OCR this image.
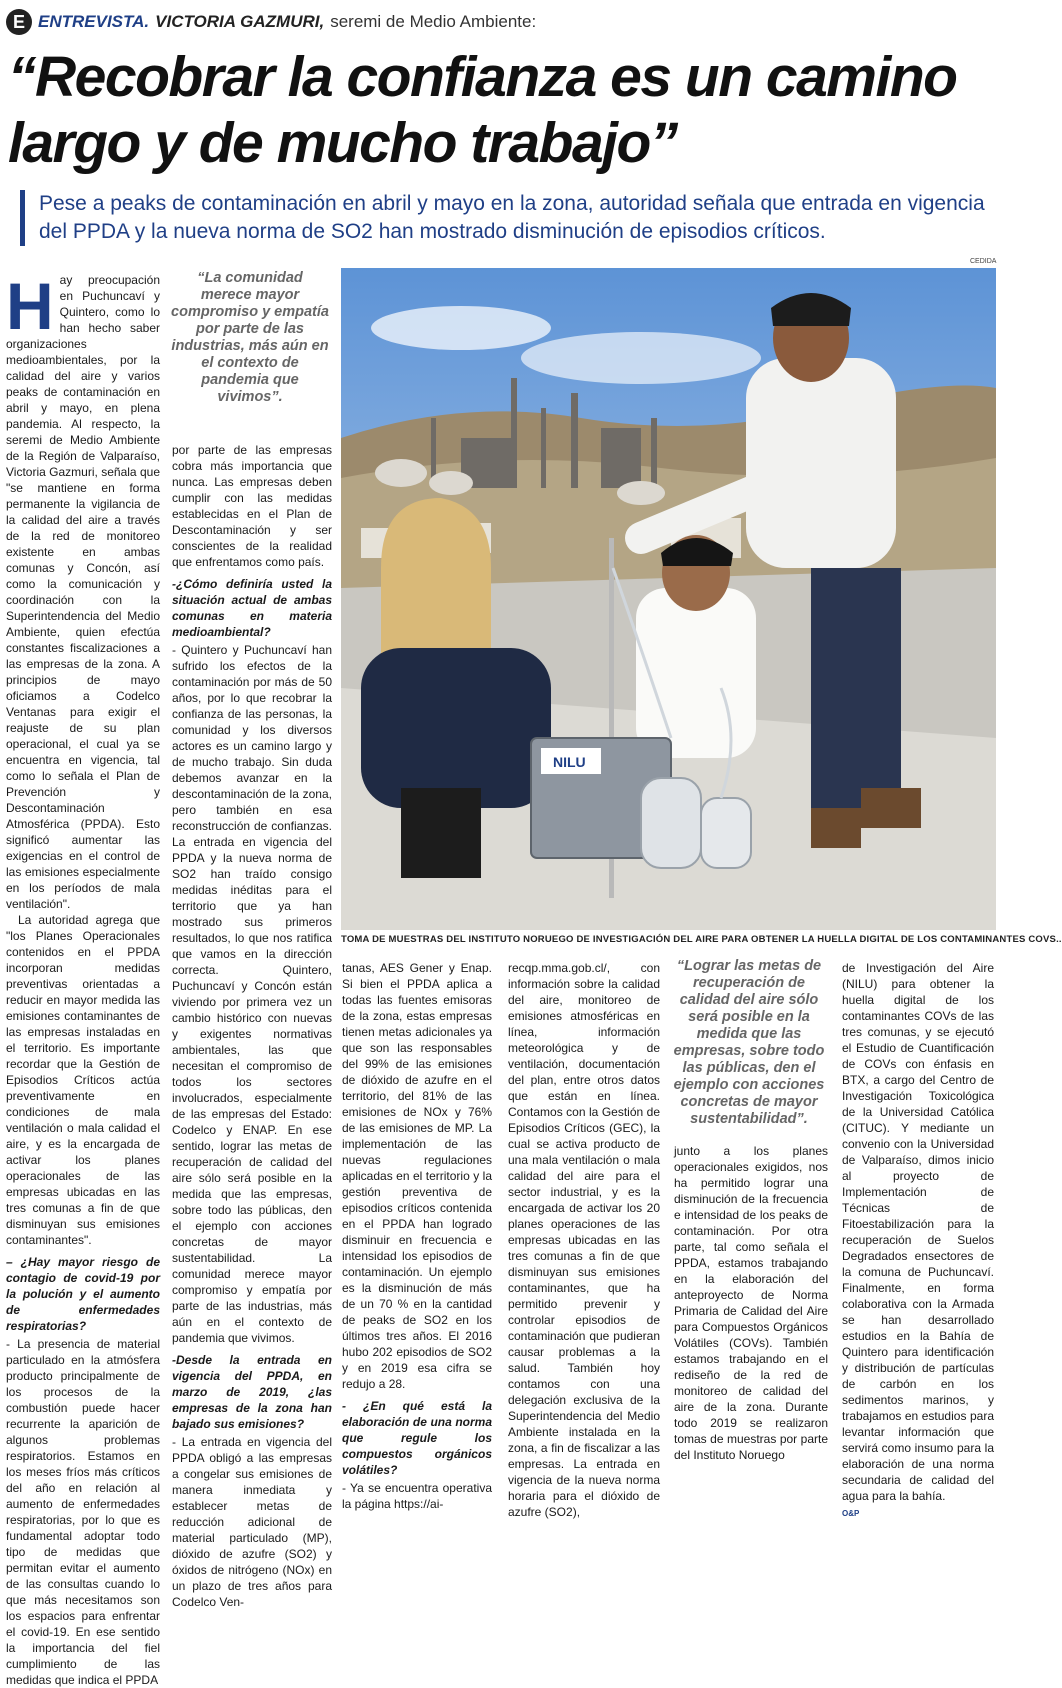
E ENTREVISTA. VICTORIA GAZMURI, seremi de Medio Ambiente:
“Recobrar la confianza es un camino largo y de mucho trabajo”
Pese a peaks de contaminación en abril y mayo en la zona, autoridad señala que entrada en vigencia del PPDA y la nueva norma de SO2 han mostrado disminución de episodios críticos.
H ay preocupación en Puchuncaví y Quintero, como lo han hecho saber organizaciones medioambientales, por la calidad del aire y varios peaks de contaminación en abril y mayo, en plena pandemia. Al respecto, la seremi de Medio Ambiente de la Región de Valparaíso, Victoria Gazmuri, señala que "se mantiene en forma permanente la vigilancia de la calidad del aire a través de la red de monitoreo existente en ambas comunas y Concón, así como la comunicación y coordinación con la Superintendencia del Medio Ambiente, quien efectúa constantes fiscalizaciones a las empresas de la zona. A principios de mayo oficiamos a Codelco Ventanas para exigir el reajuste de su plan operacional, el cual ya se encuentra en vigencia, tal como lo señala el Plan de Prevención y Descontaminación Atmosférica (PPDA). Esto significó aumentar las exigencias en el control de las emisiones especialmente en los períodos de mala ventilación".

La autoridad agrega que "los Planes Operacionales contenidos en el PPDA incorporan medidas preventivas orientadas a reducir en mayor medida las emisiones contaminantes de las empresas instaladas en el territorio. Es importante recordar que la Gestión de Episodios Críticos actúa preventivamente en condiciones de mala ventilación o mala calidad el aire, y es la encargada de activar los planes operacionales de las empresas ubicadas en las tres comunas a fin de que disminuyan sus emisiones contaminantes".

– ¿Hay mayor riesgo de contagio de covid-19 por la polución y el aumento de enfermedades respiratorias?

- La presencia de material particulado en la atmósfera producto principalmente de los procesos de la combustión puede hacer recurrente la aparición de algunos problemas respiratorios. Estamos en los meses fríos más críticos del año en relación al aumento de enfermedades respiratorias, por lo que es fundamental adoptar todo tipo de medidas que permitan evitar el aumento de las consultas cuando lo que más necesitamos son los espacios para enfrentar el covid-19. En ese sentido la importancia del fiel cumplimiento de las medidas que indica el PPDA

“La comunidad merece mayor compromiso y empatía por parte de las industrias, más aún en el contexto de pandemia que vivimos”.

por parte de las empresas cobra más importancia que nunca. Las empresas deben cumplir con las medidas establecidas en el Plan de Descontaminación y ser conscientes de la realidad que enfrentamos como país.

-¿Cómo definiría usted la situación actual de ambas comunas en materia medioambiental?

- Quintero y Puchuncaví han sufrido los efectos de la contaminación por más de 50 años, por lo que recobrar la confianza de las personas, la comunidad y los diversos actores es un camino largo y de mucho trabajo. Sin duda debemos avanzar en la descontaminación de la zona, pero también en esa reconstrucción de confianzas. La entrada en vigencia del PPDA y la nueva norma de SO2 han traído consigo medidas inéditas para el territorio que ya han mostrado sus primeros resultados, lo que nos ratifica que vamos en la dirección correcta. Quintero, Puchuncaví y Concón están viviendo por primera vez un cambio histórico con nuevas y exigentes normativas ambientales, las que necesitan el compromiso de todos los sectores involucrados, especialmente de las empresas del Estado: Codelco y ENAP. En ese sentido, lograr las metas de recuperación de calidad del aire sólo será posible en la medida que las empresas, sobre todo las públicas, den el ejemplo con acciones concretas de mayor sustentabilidad. La comunidad merece mayor compromiso y empatía por parte de las industrias, más aún en el contexto de pandemia que vivimos.

-Desde la entrada en vigencia del PPDA, en marzo de 2019, ¿las empresas de la zona han bajado sus emisiones?

- La entrada en vigencia del PPDA obligó a las empresas a congelar sus emisiones de manera inmediata y establecer metas de reducción adicional de material particulado (MP), dióxido de azufre (SO2) y óxidos de nitrógeno (NOx) en un plazo de tres años para Codelco Ven-

CEDIDA
NILU
TOMA DE MUESTRAS DEL INSTITUTO NORUEGO DE INVESTIGACIÓN DEL AIRE PARA OBTENER LA HUELLA DIGITAL DE LOS CONTAMINANTES COVS..

tanas, AES Gener y Enap. Si bien el PPDA aplica a todas las fuentes emisoras de la zona, estas empresas tienen metas adicionales ya que son las responsables del 99% de las emisiones de dióxido de azufre en el territorio, del 81% de las emisiones de NOx y 76% de las emisiones de MP. La implementación de las nuevas regulaciones aplicadas en el territorio y la gestión preventiva de episodios críticos contenida en el PPDA han logrado disminuir en frecuencia e intensidad los episodios de contaminación. Un ejemplo es la disminución de más de un 70 % en la cantidad de peaks de SO2 en los últimos tres años. El 2016 hubo 202 episodios de SO2 y en 2019 esa cifra se redujo a 28.

- ¿En qué está la elaboración de una norma que regule los compuestos orgánicos volátiles?

- Ya se encuentra operativa la página https://ai-

recqp.mma.gob.cl/, con información sobre la calidad del aire, monitoreo de emisiones atmosféricas en línea, información meteorológica y de ventilación, documentación del plan, entre otros datos que están en línea. Contamos con la Gestión de Episodios Críticos (GEC), la cual se activa producto de una mala ventilación o mala calidad del aire para el sector industrial, y es la encargada de activar los 20 planes operaciones de las empresas ubicadas en las tres comunas a fin de que disminuyan sus emisiones contaminantes, que ha permitido prevenir y controlar episodios de contaminación que pudieran causar problemas a la salud. También hoy contamos con una delegación exclusiva de la Superintendencia del Medio Ambiente instalada en la zona, a fin de fiscalizar a las empresas. La entrada en vigencia de la nueva norma horaria para el dióxido de azufre (SO2),

“Lograr las metas de recuperación de calidad del aire sólo será posible en la medida que las empresas, sobre todo las públicas, den el ejemplo con acciones concretas de mayor sustentabilidad”.

junto a los planes operacionales exigidos, nos ha permitido lograr una disminución de la frecuencia e intensidad de los peaks de contaminación. Por otra parte, tal como señala el PPDA, estamos trabajando en la elaboración del anteproyecto de Norma Primaria de Calidad del Aire para Compuestos Orgánicos Volátiles (COVs). También estamos trabajando en el rediseño de la red de monitoreo de calidad del aire de la zona. Durante todo 2019 se realizaron tomas de muestras por parte del Instituto Noruego

de Investigación del Aire (NILU) para obtener la huella digital de los contaminantes COVs de las tres comunas, y se ejecutó el Estudio de Cuantificación de COVs con énfasis en BTX, a cargo del Centro de Investigación Toxicológica de la Universidad Católica (CITUC). Y mediante un convenio con la Universidad de Valparaíso, dimos inicio al proyecto de Implementación de Técnicas de Fitoestabilización para la recuperación de Suelos Degradados ensectores de la comuna de Puchuncaví. Finalmente, en forma colaborativa con la Armada se han desarrollado estudios en la Bahía de Quintero para identificación y distribución de partículas de carbón en los sedimentos marinos, y trabajamos en estudios para levantar información que servirá como insumo para la elaboración de una norma secundaria de calidad del agua para la bahía.

O&P
